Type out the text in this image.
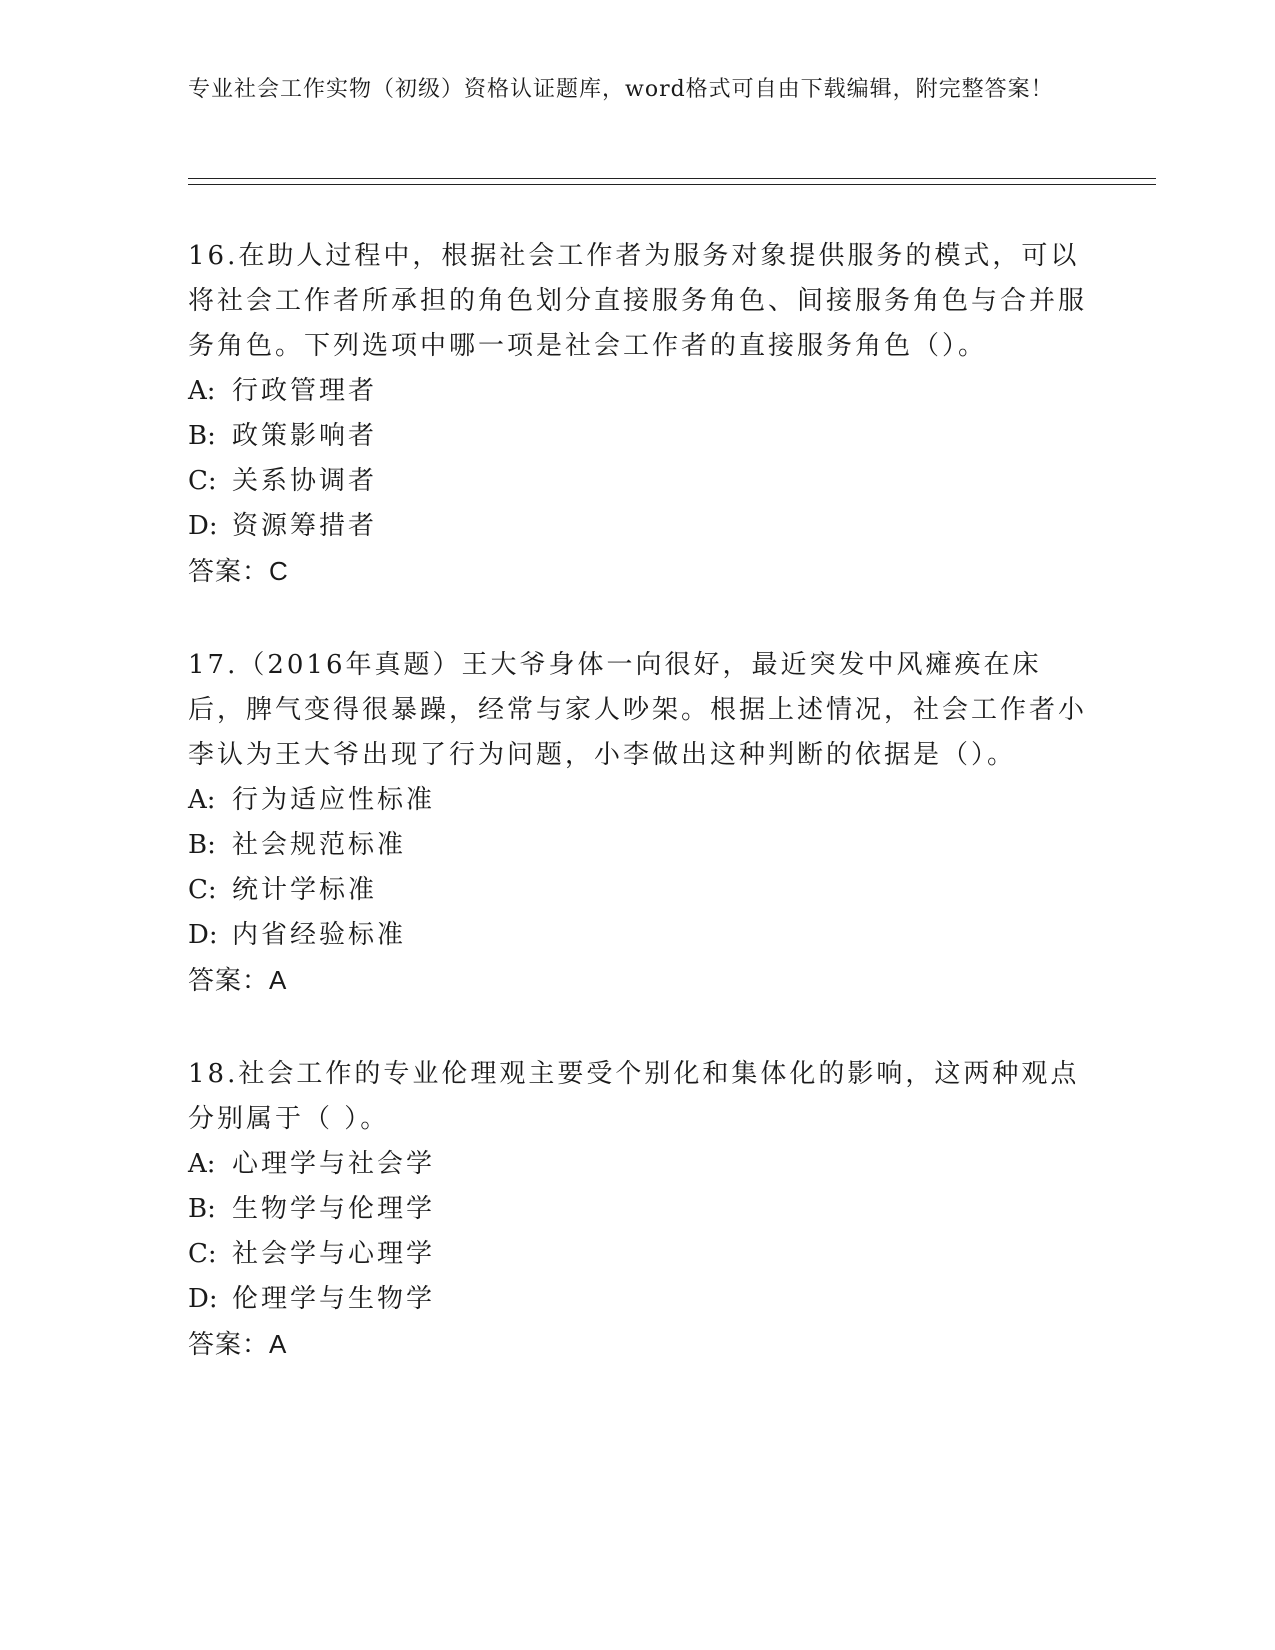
专业社会工作实物（初级）资格认证题库，word格式可自由下载编辑，附完整答案！

16.在助人过程中，根据社会工作者为服务对象提供服务的模式，可以将社会工作者所承担的角色划分直接服务角色、间接服务角色与合并服务角色。下列选项中哪一项是社会工作者的直接服务角色（）。

A: 行政管理者

B: 政策影响者

C: 关系协调者

D: 资源筹措者

答案：C

17.（2016年真题）王大爷身体一向很好，最近突发中风瘫痪在床后，脾气变得很暴躁，经常与家人吵架。根据上述情况，社会工作者小李认为王大爷出现了行为问题，小李做出这种判断的依据是（）。

A: 行为适应性标准

B: 社会规范标准

C: 统计学标准

D: 内省经验标准

答案：A

18.社会工作的专业伦理观主要受个别化和集体化的影响，这两种观点分别属于（ ）。

A: 心理学与社会学

B: 生物学与伦理学

C: 社会学与心理学

D: 伦理学与生物学

答案：A
